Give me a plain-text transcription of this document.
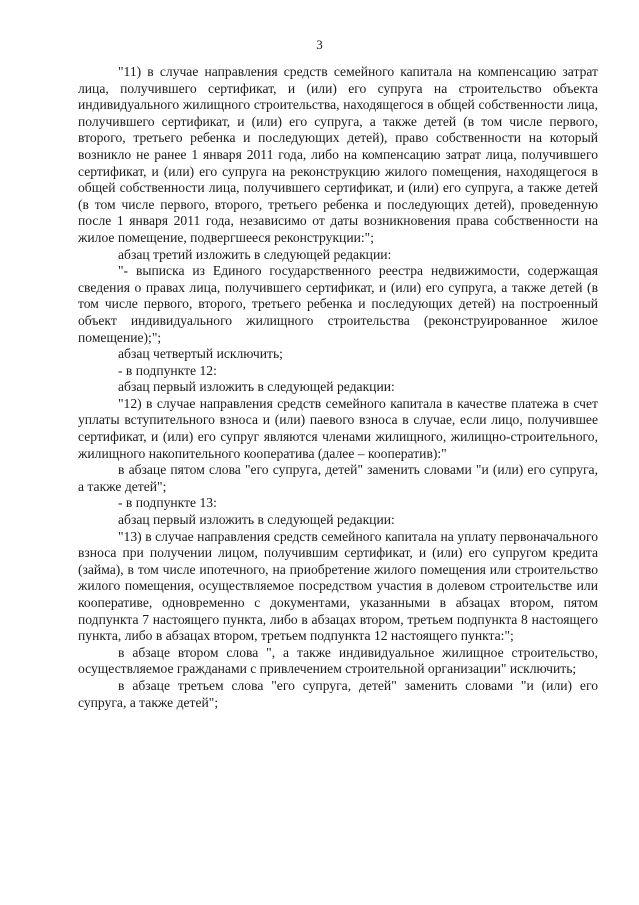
3

"11) в случае направления средств семейного капитала на компенсацию затрат лица, получившего сертификат, и (или) его супруга на строительство объекта индивидуального жилищного строительства, находящегося в общей собственности лица, получившего сертификат, и (или) его супруга, а также детей (в том числе первого, второго, третьего ребенка и последующих детей), право собственности на который возникло не ранее 1 января 2011 года, либо на компенсацию затрат лица, получившего сертификат, и (или) его супруга на реконструкцию жилого помещения, находящегося в общей собственности лица, получившего сертификат, и (или) его супруга, а также детей (в том числе первого, второго, третьего ребенка и последующих детей), проведенную после 1 января 2011 года, независимо от даты возникновения права собственности на жилое помещение, подвергшееся реконструкции:";

абзац третий изложить в следующей редакции:

"- выписка из Единого государственного реестра недвижимости, содержащая сведения о правах лица, получившего сертификат, и (или) его супруга, а также детей (в том числе первого, второго, третьего ребенка и последующих детей) на построенный объект индивидуального жилищного строительства (реконструированное жилое помещение);";

абзац четвертый исключить;

- в подпункте 12:

абзац первый изложить в следующей редакции:

"12) в случае направления средств семейного капитала в качестве платежа в счет уплаты вступительного взноса и (или) паевого взноса в случае, если лицо, получившее сертификат, и (или) его супруг являются членами жилищного, жилищно-строительного, жилищного накопительного кооператива (далее – кооператив):"

в абзаце пятом слова "его супруга, детей" заменить словами "и (или) его супруга, а также детей";

- в подпункте 13:

абзац первый изложить в следующей редакции:

"13) в случае направления средств семейного капитала на уплату первоначального взноса при получении лицом, получившим сертификат, и (или) его супругом кредита (займа), в том числе ипотечного, на приобретение жилого помещения или строительство жилого помещения, осуществляемое посредством участия в долевом строительстве или кооперативе, одновременно с документами, указанными в абзацах втором, пятом подпункта 7 настоящего пункта, либо в абзацах втором, третьем подпункта 8 настоящего пункта, либо в абзацах втором, третьем подпункта 12 настоящего пункта:";

в абзаце втором слова ", а также индивидуальное жилищное строительство, осуществляемое гражданами с привлечением строительной организации" исключить;

в абзаце третьем слова "его супруга, детей" заменить словами "и (или) его супруга, а также детей";
